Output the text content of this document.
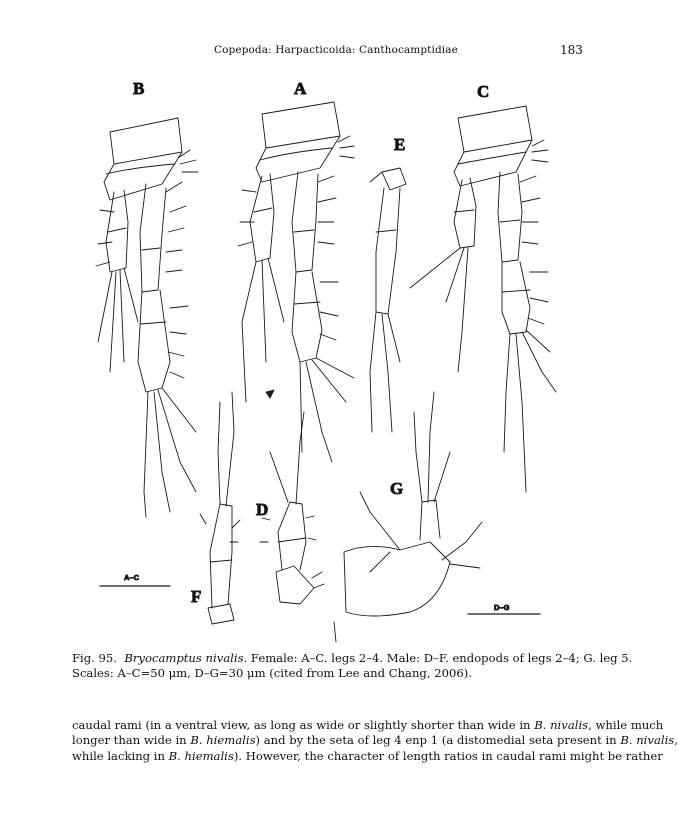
Copepoda: Harpacticoida: Canthocamptidiae	183
B	A	C
E
G
D
F
A–C
D–G
Fig. 95. Bryocamptus nivalis. Female: A–C. legs 2–4. Male: D–F. endopods of legs 2–4; G. leg 5.
Scales: A–C=50 μm, D–G=30 μm (cited from Lee and Chang, 2006).
caudal rami (in a ventral view, as long as wide or slightly shorter than wide in B. nivalis, while much
longer than wide in B. hiemalis) and by the seta of leg 4 enp 1 (a distomedial seta present in B. nivalis,
while lacking in B. hiemalis). However, the character of length ratios in caudal rami might be rather
